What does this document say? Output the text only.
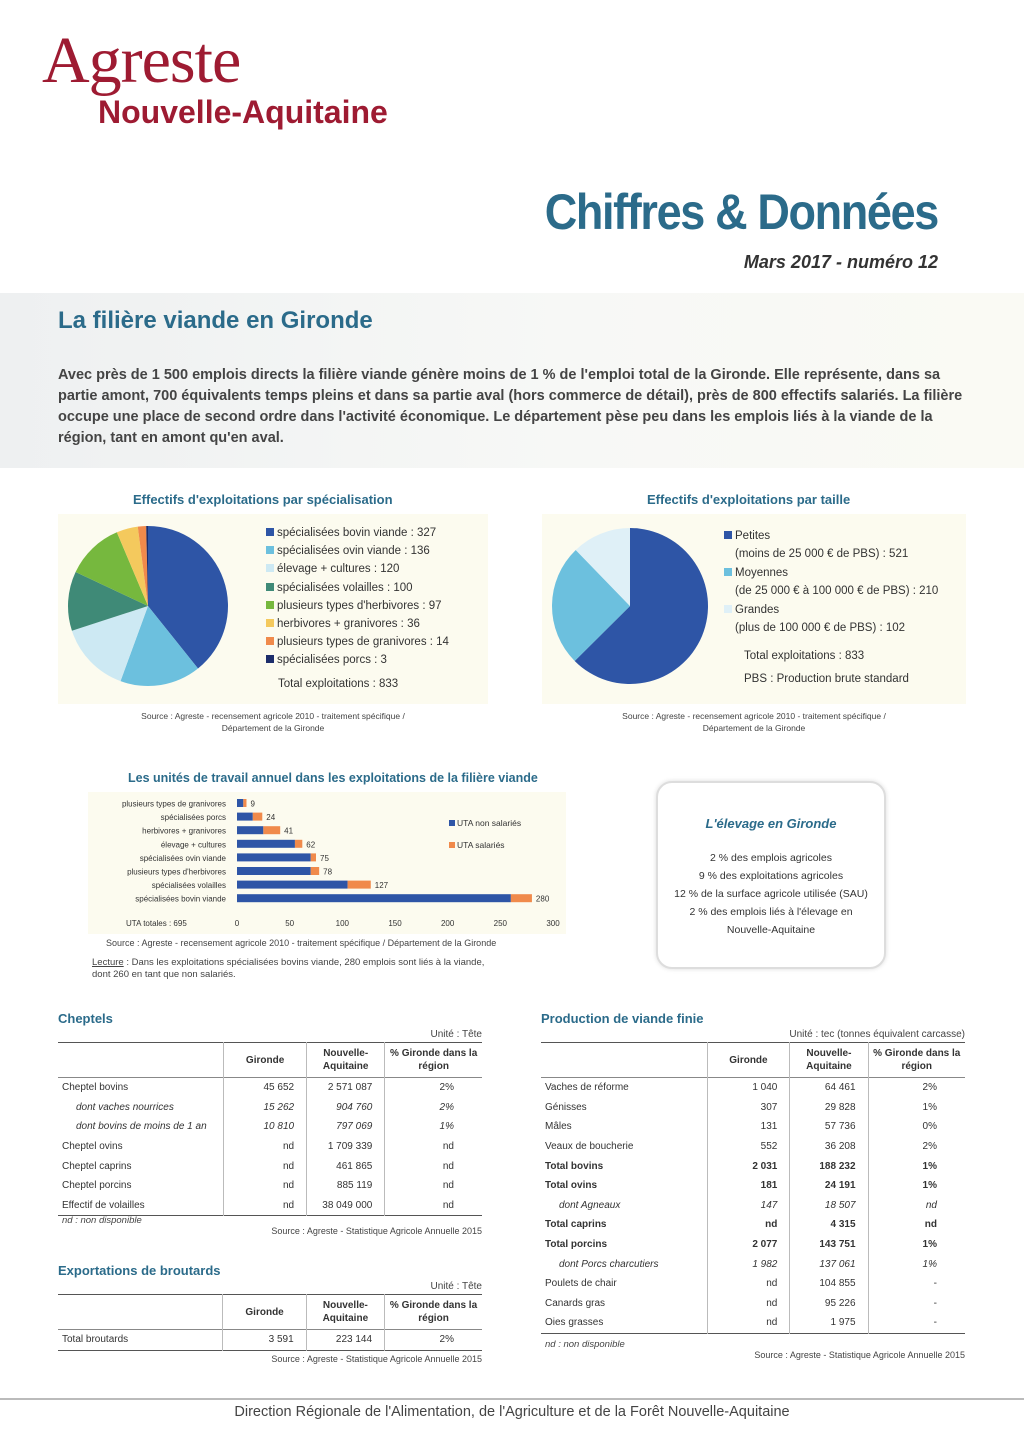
Agreste
Nouvelle-Aquitaine
Chiffres & Données
Mars 2017 - numéro 12
La filière viande en Gironde
Avec près de 1 500 emplois directs la filière viande génère moins de 1 % de l'emploi total de la Gironde. Elle représente, dans sa partie amont, 700 équivalents temps pleins et dans sa partie aval (hors commerce de détail), près de 800 effectifs salariés. La filière occupe une place de second ordre dans l'activité économique. Le département pèse peu dans les emplois liés à la viande de la région, tant en amont qu'en aval.
Effectifs d'exploitations par spécialisation
spécialisées bovin viande : 327
spécialisées ovin viande : 136
élevage + cultures : 120
spécialisées volailles : 100
plusieurs types d'herbivores : 97
herbivores + granivores : 36
plusieurs types de granivores : 14
spécialisées porcs : 3
Total exploitations : 833
Source : Agreste - recensement agricole 2010 - traitement spécifique /
Département de la Gironde
Effectifs d'exploitations par taille
Petites
(moins de 25 000 € de PBS) : 521
Moyennes
(de 25 000 € à 100 000 € de PBS) : 210
Grandes
(plus de 100 000 € de PBS) : 102
Total exploitations : 833
PBS : Production brute standard
Source : Agreste - recensement agricole 2010 - traitement spécifique /
Département de la Gironde
Les unités de travail annuel dans les exploitations de la filière viande
plusieurs types de granivores	9
spécialisées porcs	24
herbivores + granivores	41
élevage + cultures	62
spécialisées ovin viande	75
plusieurs types d'herbivores	78
spécialisées volailles	127
spécialisées bovin viande	280
UTA totales : 695	0	50	100	150	200	250	300
UTA non salariés
UTA salariés
Source : Agreste - recensement agricole 2010 - traitement spécifique / Département de la Gironde
Lecture : Dans les exploitations spécialisées bovins viande, 280 emplois sont liés à la viande,
dont 260 en tant que non salariés.
L'élevage en Gironde
2 % des emplois agricoles
9 % des exploitations agricoles
12 % de la surface agricole utilisée (SAU)
2 % des emplois liés à l'élevage en
Nouvelle-Aquitaine
Cheptels
Unité : Tête
	Gironde	Nouvelle-Aquitaine	% Gironde dans la région
Cheptel bovins	45 652	2 571 087	2%
dont vaches nourrices	15 262	904 760	2%
dont bovins de moins de 1 an	10 810	797 069	1%
Cheptel ovins	nd	1 709 339	nd
Cheptel caprins	nd	461 865	nd
Cheptel porcins	nd	885 119	nd
Effectif de volailles	nd	38 049 000	nd
nd : non disponible
Source : Agreste - Statistique Agricole Annuelle 2015
Exportations de broutards
Unité : Tête
	Gironde	Nouvelle-Aquitaine	% Gironde dans la région
Total broutards	3 591	223 144	2%
Source : Agreste - Statistique Agricole Annuelle 2015
Production de viande finie
Unité : tec (tonnes équivalent carcasse)
	Gironde	Nouvelle-Aquitaine	% Gironde dans la région
Vaches de réforme	1 040	64 461	2%
Génisses	307	29 828	1%
Mâles	131	57 736	0%
Veaux de boucherie	552	36 208	2%
Total bovins	2 031	188 232	1%
Total ovins	181	24 191	1%
dont Agneaux	147	18 507	nd
Total caprins	nd	4 315	nd
Total porcins	2 077	143 751	1%
dont Porcs charcutiers	1 982	137 061	1%
Poulets de chair	nd	104 855	-
Canards gras	nd	95 226	-
Oies grasses	nd	1 975	-
nd : non disponible
Source : Agreste - Statistique Agricole Annuelle 2015
Direction Régionale de l'Alimentation, de l'Agriculture et de la Forêt Nouvelle-Aquitaine
